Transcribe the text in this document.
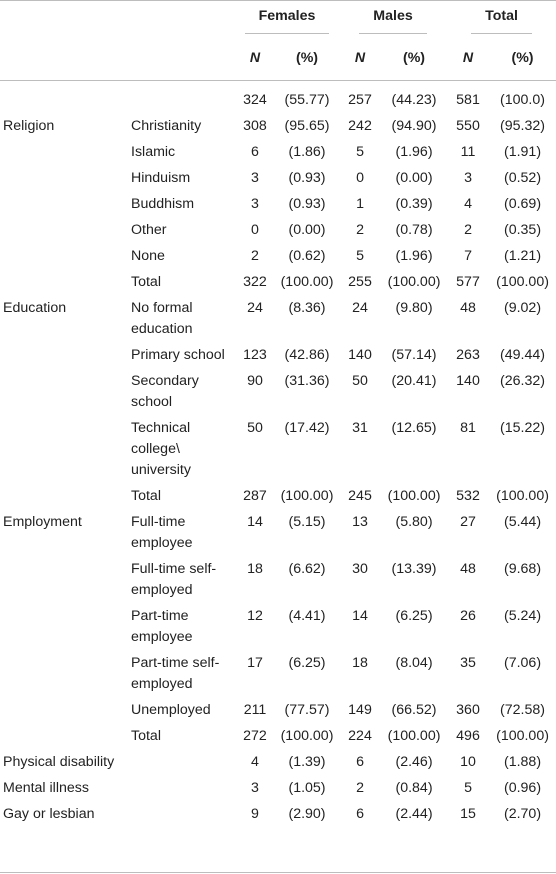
		Females		Males		Total	
		N	(%)	N	(%)	N	(%)
		324	(55.77)	257	(44.23)	581	(100.0)
Religion	Christianity	308	(95.65)	242	(94.90)	550	(95.32)
	Islamic	6	(1.86)	5	(1.96)	11	(1.91)
	Hinduism	3	(0.93)	0	(0.00)	3	(0.52)
	Buddhism	3	(0.93)	1	(0.39)	4	(0.69)
	Other	0	(0.00)	2	(0.78)	2	(0.35)
	None	2	(0.62)	5	(1.96)	7	(1.21)
	Total	322	(100.00)	255	(100.00)	577	(100.00)
Education	No formal education	24	(8.36)	24	(9.80)	48	(9.02)
	Primary school	123	(42.86)	140	(57.14)	263	(49.44)
	Secondary school	90	(31.36)	50	(20.41)	140	(26.32)
	Technical college\ university	50	(17.42)	31	(12.65)	81	(15.22)
	Total	287	(100.00)	245	(100.00)	532	(100.00)
Employment	Full-time employee	14	(5.15)	13	(5.80)	27	(5.44)
	Full-time self-employed	18	(6.62)	30	(13.39)	48	(9.68)
	Part-time employee	12	(4.41)	14	(6.25)	26	(5.24)
	Part-time self-employed	17	(6.25)	18	(8.04)	35	(7.06)
	Unemployed	211	(77.57)	149	(66.52)	360	(72.58)
	Total	272	(100.00)	224	(100.00)	496	(100.00)
Physical disability		4	(1.39)	6	(2.46)	10	(1.88)
Mental illness		3	(1.05)	2	(0.84)	5	(0.96)
Gay or lesbian		9	(2.90)	6	(2.44)	15	(2.70)
